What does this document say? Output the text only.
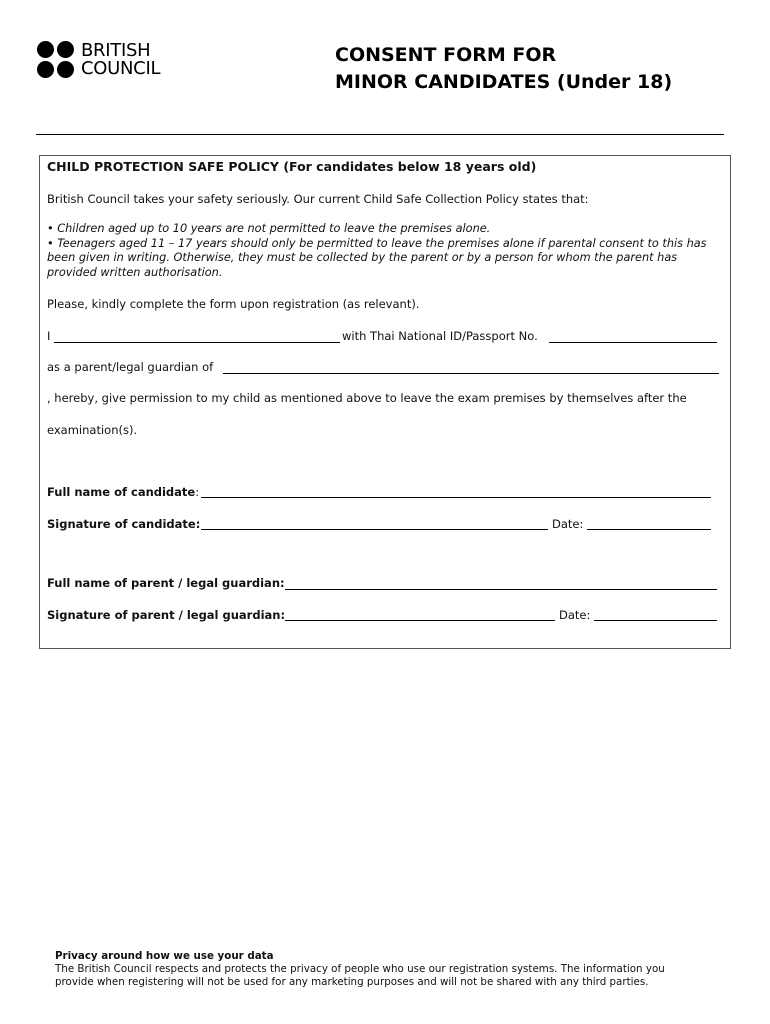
BRITISH
COUNCIL
CONSENT FORM FOR
MINOR CANDIDATES (Under 18)
CHILD PROTECTION SAFE POLICY (For candidates below 18 years old)
British Council takes your safety seriously. Our current Child Safe Collection Policy states that:
• Children aged up to 10 years are not permitted to leave the premises alone.
• Teenagers aged 11 – 17 years should only be permitted to leave the premises alone if parental consent to this has been given in writing. Otherwise, they must be collected by the parent or by a person for whom the parent has provided written authorisation.
Please, kindly complete the form upon registration (as relevant).
I	with Thai National ID/Passport No.
as a parent/legal guardian of
, hereby, give permission to my child as mentioned above to leave the exam premises by themselves after the
examination(s).
Full name of candidate:
Signature of candidate:	Date:
Full name of parent / legal guardian:
Signature of parent / legal guardian:	Date:
Privacy around how we use your data
The British Council respects and protects the privacy of people who use our registration systems. The information you
provide when registering will not be used for any marketing purposes and will not be shared with any third parties.
